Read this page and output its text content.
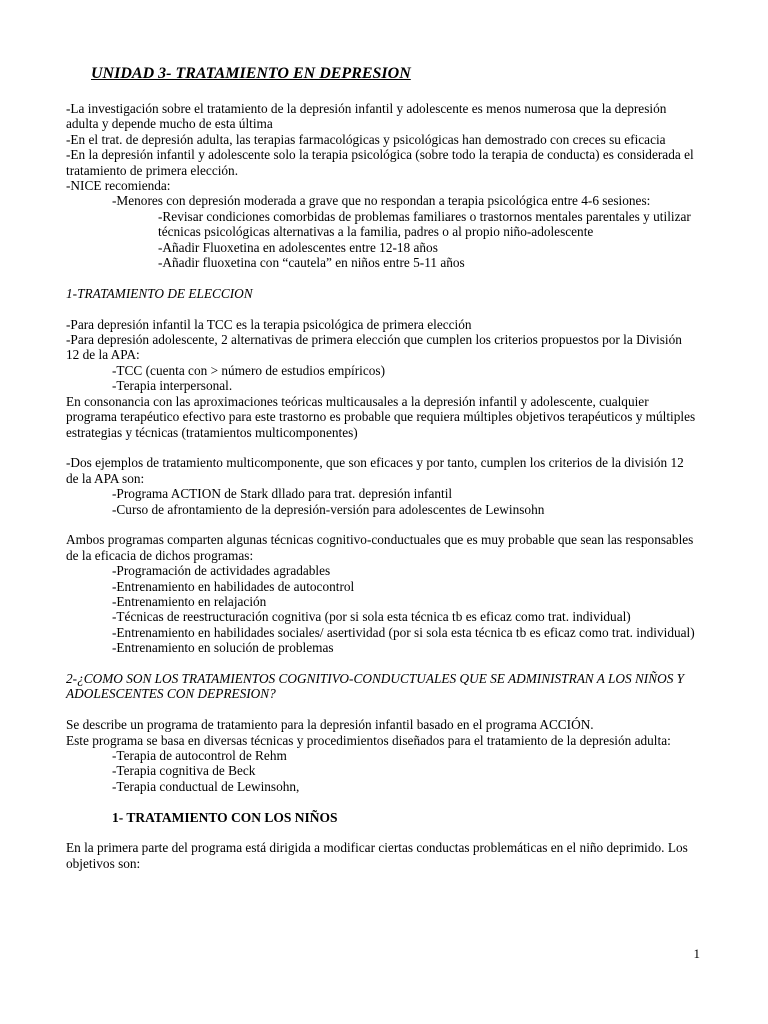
UNIDAD 3- TRATAMIENTO EN DEPRESION

-La investigación sobre el tratamiento de la depresión infantil y adolescente es menos numerosa que la depresión adulta y depende mucho de esta última

-En el trat. de depresión adulta, las terapias farmacológicas y psicológicas han demostrado con creces su eficacia

-En la depresión infantil y adolescente solo la terapia psicológica (sobre todo la terapia de conducta) es considerada el tratamiento de primera elección.

-NICE recomienda:

-Menores con depresión moderada a grave que no respondan a terapia psicológica entre 4-6 sesiones:

-Revisar condiciones comorbidas de problemas familiares o trastornos mentales parentales y utilizar técnicas psicológicas alternativas a la familia, padres o al propio niño-adolescente

-Añadir Fluoxetina en adolescentes entre 12-18 años

-Añadir fluoxetina con “cautela” en niños entre 5-11 años

1-TRATAMIENTO DE ELECCION

-Para depresión infantil la TCC es la terapia psicológica de primera elección

-Para depresión adolescente, 2 alternativas de primera elección que cumplen los criterios propuestos por la División 12 de la APA:

-TCC (cuenta con > número de estudios empíricos)

-Terapia interpersonal.

En consonancia con las aproximaciones teóricas multicausales a la depresión infantil y adolescente, cualquier programa terapéutico efectivo para este trastorno es probable que requiera múltiples objetivos terapéuticos y múltiples estrategias y técnicas (tratamientos multicomponentes)

-Dos ejemplos de tratamiento multicomponente, que son eficaces y por tanto, cumplen los criterios de la división 12 de la APA son:

-Programa ACTION de Stark dllado para trat. depresión infantil

-Curso de afrontamiento de la depresión-versión para adolescentes de Lewinsohn

Ambos programas comparten algunas técnicas cognitivo-conductuales que es muy probable que sean las responsables de la eficacia de dichos programas:

-Programación de actividades agradables

-Entrenamiento en habilidades de autocontrol

-Entrenamiento en relajación

-Técnicas de reestructuración cognitiva (por si sola esta técnica tb es eficaz como trat. individual)

-Entrenamiento en habilidades sociales/ asertividad (por si sola esta técnica tb es eficaz como trat. individual)

-Entrenamiento en solución de problemas

2-¿COMO SON LOS TRATAMIENTOS COGNITIVO-CONDUCTUALES QUE SE ADMINISTRAN A LOS NIÑOS Y ADOLESCENTES CON DEPRESION?

Se describe un programa de tratamiento para la depresión infantil basado en el programa ACCIÓN.

Este programa se basa en diversas técnicas y procedimientos diseñados para el tratamiento de la depresión adulta:

-Terapia de autocontrol de Rehm

-Terapia cognitiva de Beck

-Terapia conductual de Lewinsohn,

1- TRATAMIENTO CON LOS NIÑOS

En la primera parte del programa está dirigida a modificar ciertas conductas problemáticas en el niño deprimido. Los objetivos son:

1
